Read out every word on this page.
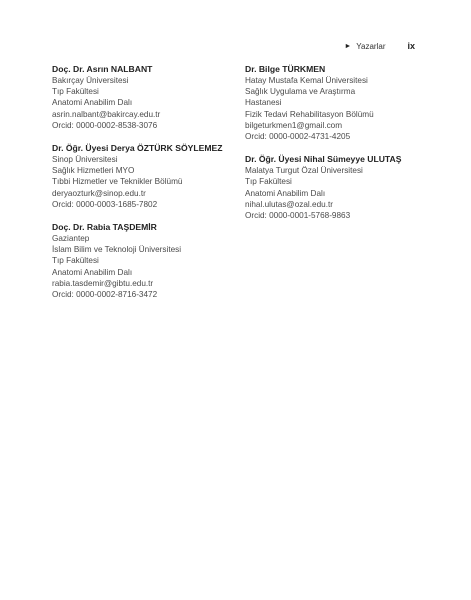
► Yazarlar ix
Doç. Dr. Asrın NALBANT
Bakırçay Üniversitesi
Tıp Fakültesi
Anatomi Anabilim Dalı
asrin.nalbant@bakircay.edu.tr
Orcid: 0000-0002-8538-3076
Dr. Öğr. Üyesi Derya ÖZTÜRK SÖYLEMEZ
Sinop Üniversitesi
Sağlık Hizmetleri MYO
Tıbbi Hizmetler ve Teknikler Bölümü
deryaozturk@sinop.edu.tr
Orcid: 0000-0003-1685-7802
Doç. Dr. Rabia TAŞDEMİR
Gaziantep
İslam Bilim ve Teknoloji Üniversitesi
Tıp Fakültesi
Anatomi Anabilim Dalı
rabia.tasdemir@gibtu.edu.tr
Orcid: 0000-0002-8716-3472
Dr. Bilge TÜRKMEN
Hatay Mustafa Kemal Üniversitesi
Sağlık Uygulama ve Araştırma
Hastanesi
Fizik Tedavi Rehabilitasyon Bölümü
bilgeturkmen1@gmail.com
Orcid: 0000-0002-4731-4205
Dr. Öğr. Üyesi Nihal Sümeyye ULUTAŞ
Malatya Turgut Özal Üniversitesi
Tıp Fakültesi
Anatomi Anabilim Dalı
nihal.ulutas@ozal.edu.tr
Orcid: 0000-0001-5768-9863
